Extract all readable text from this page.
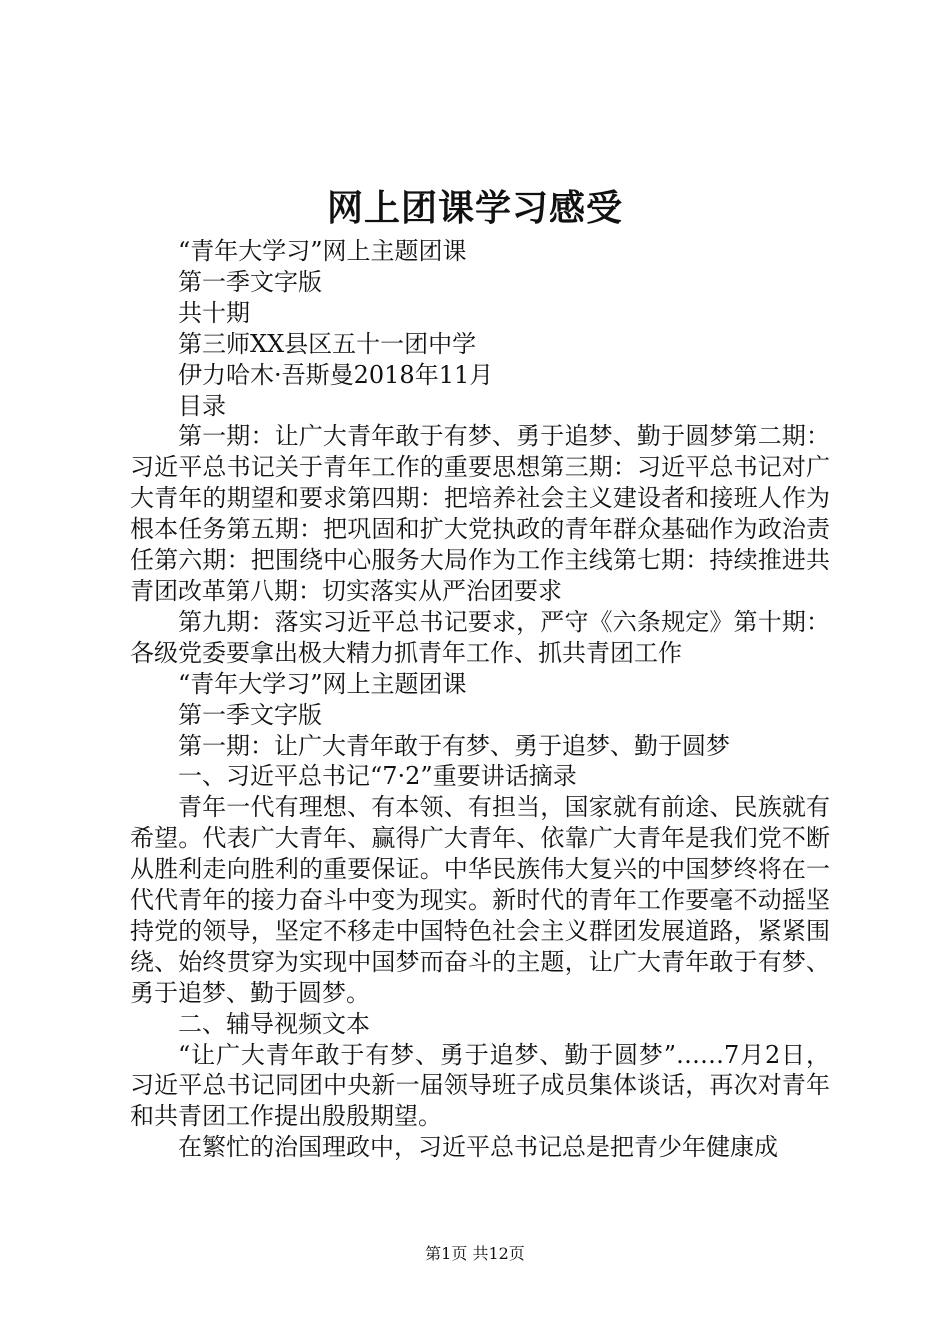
网上团课学习感受

“青年大学习”网上主题团课

第一季文字版

共十期

第三师XX县区五十一团中学

伊力哈木·吾斯曼2018年11月

目录

第一期：让广大青年敢于有梦、勇于追梦、勤于圆梦第二期：习近平总书记关于青年工作的重要思想第三期：习近平总书记对广大青年的期望和要求第四期：把培养社会主义建设者和接班人作为根本任务第五期：把巩固和扩大党执政的青年群众基础作为政治责任第六期：把围绕中心服务大局作为工作主线第七期：持续推进共青团改革第八期：切实落实从严治团要求

第九期：落实习近平总书记要求，严守《六条规定》第十期：各级党委要拿出极大精力抓青年工作、抓共青团工作

“青年大学习”网上主题团课

第一季文字版

第一期：让广大青年敢于有梦、勇于追梦、勤于圆梦

一、习近平总书记“7·2”重要讲话摘录

青年一代有理想、有本领、有担当，国家就有前途、民族就有希望。代表广大青年、赢得广大青年、依靠广大青年是我们党不断从胜利走向胜利的重要保证。中华民族伟大复兴的中国梦终将在一代代青年的接力奋斗中变为现实。新时代的青年工作要毫不动摇坚持党的领导，坚定不移走中国特色社会主义群团发展道路，紧紧围绕、始终贯穿为实现中国梦而奋斗的主题，让广大青年敢于有梦、勇于追梦、勤于圆梦。

二、辅导视频文本

“让广大青年敢于有梦、勇于追梦、勤于圆梦”……7月2日，习近平总书记同团中央新一届领导班子成员集体谈话，再次对青年和共青团工作提出殷殷期望。

在繁忙的治国理政中，习近平总书记总是把青少年健康成

第1页 共12页
